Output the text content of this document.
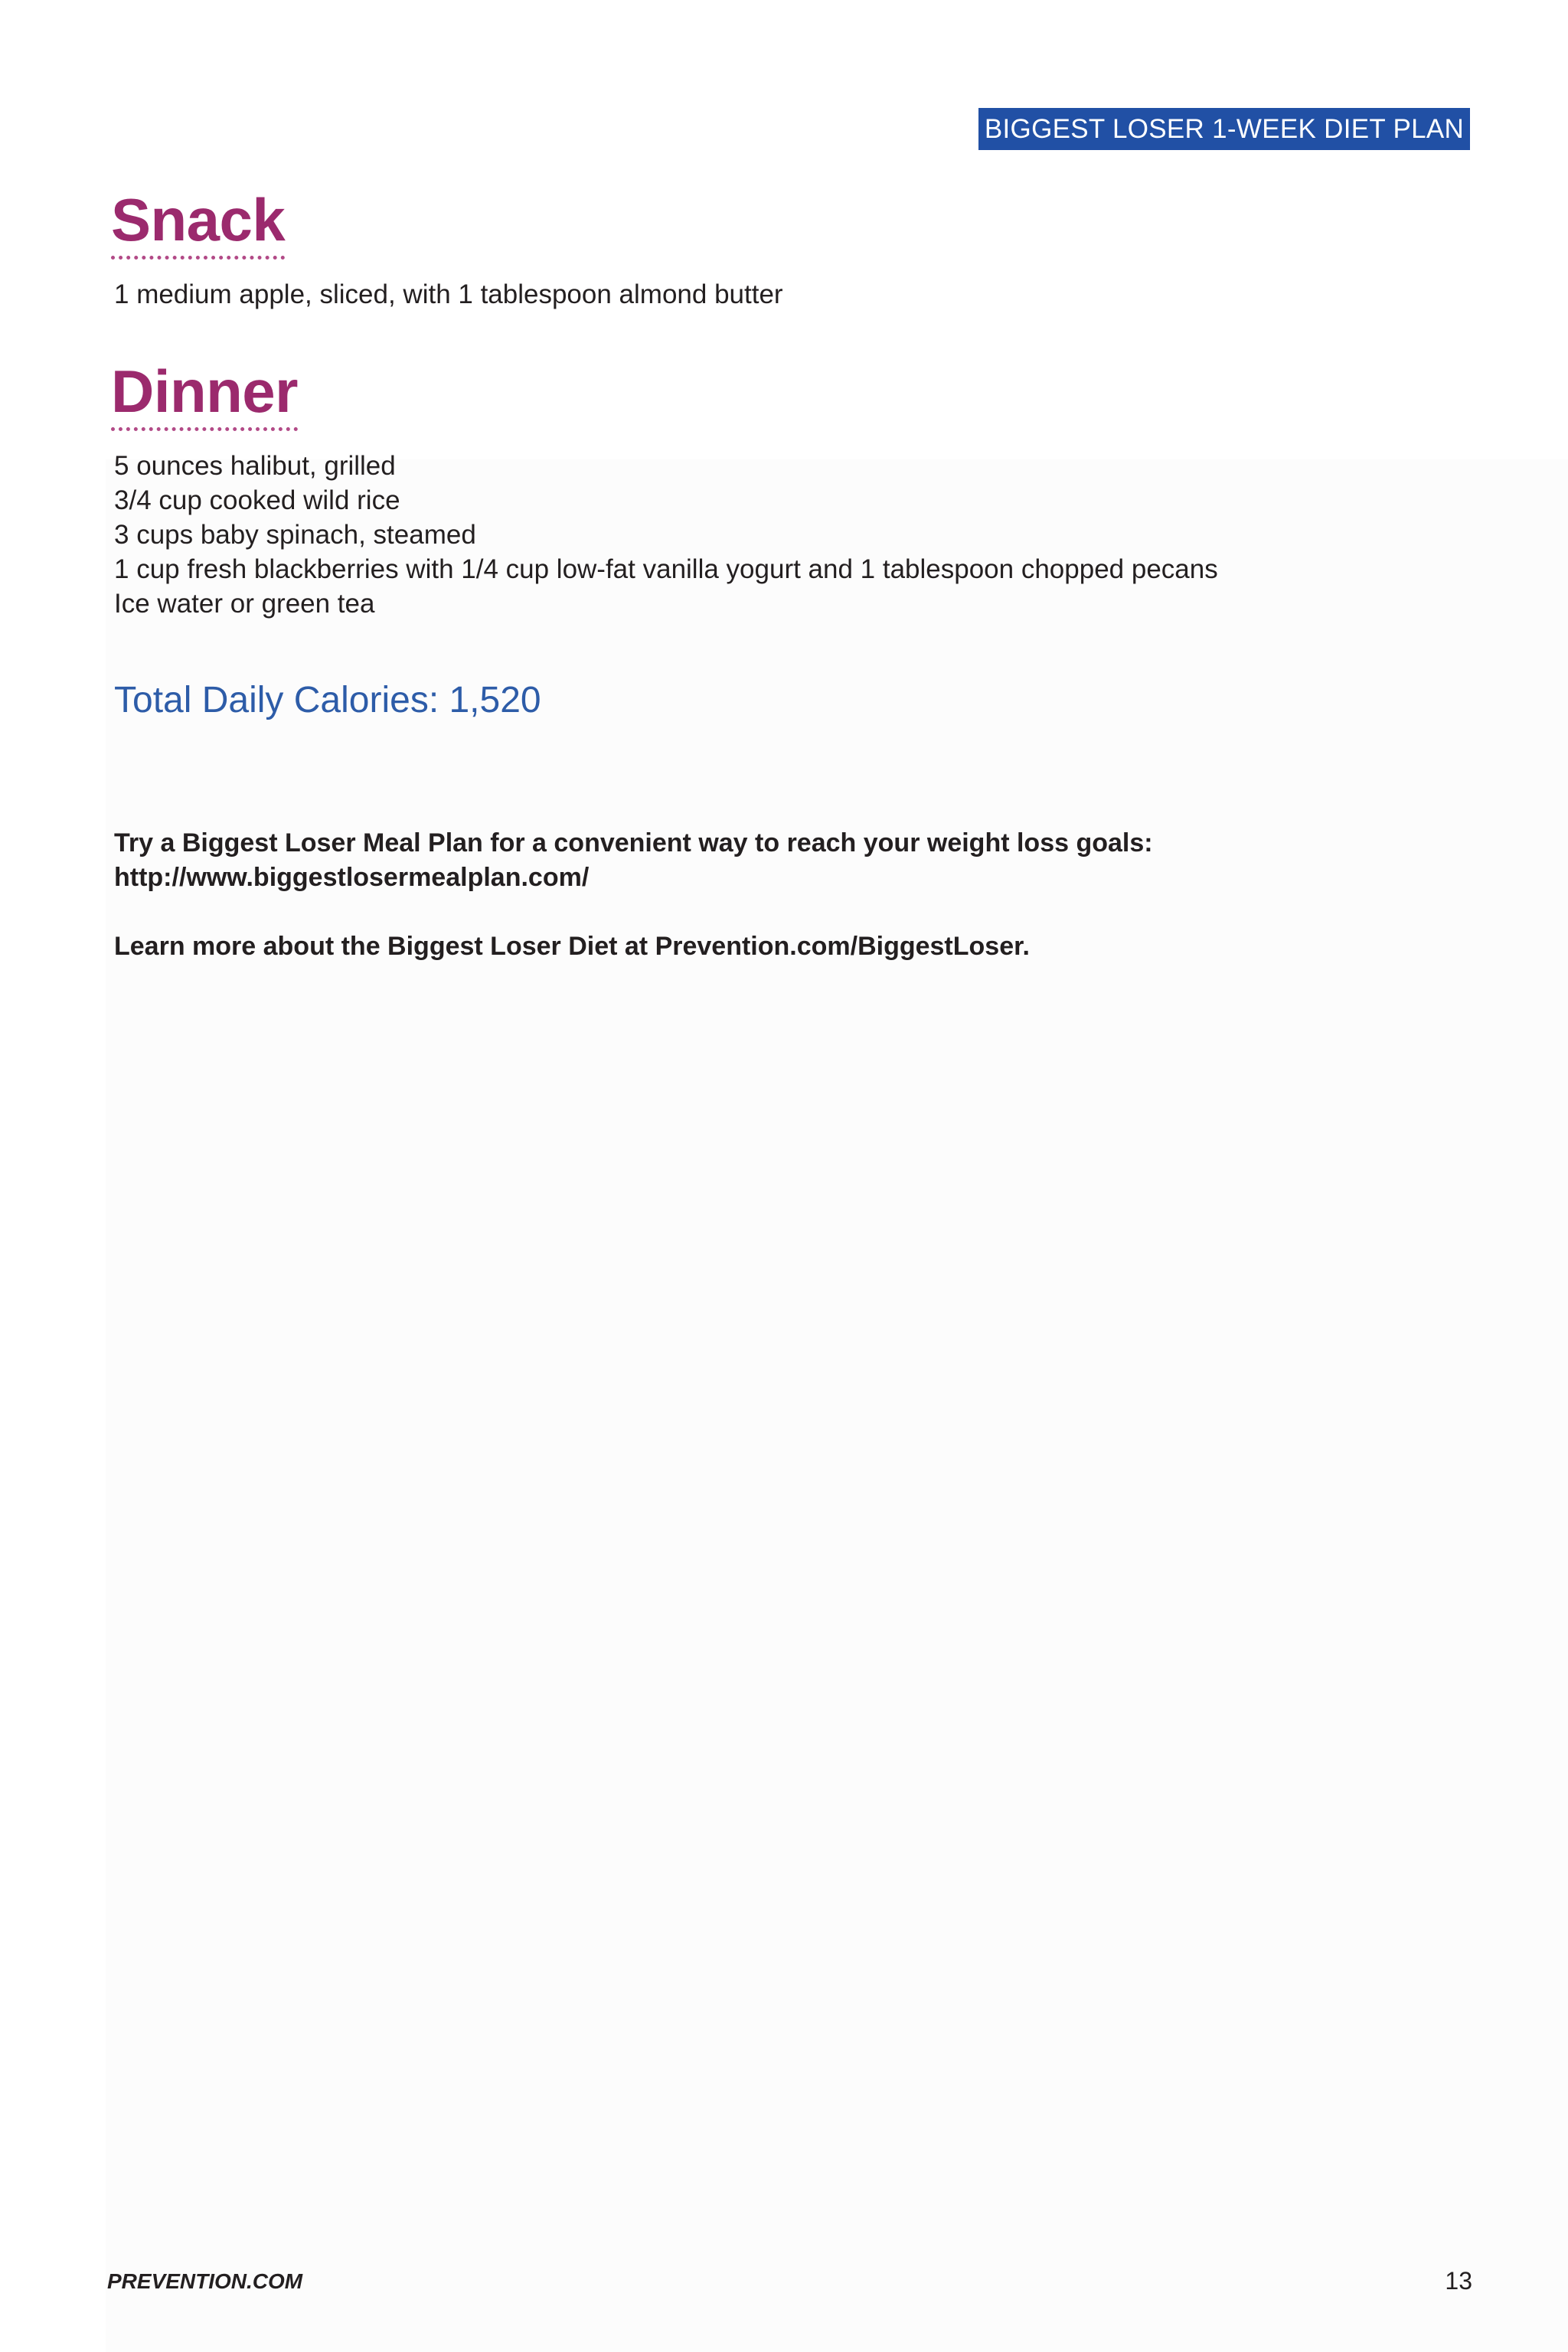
BIGGEST LOSER 1-WEEK DIET PLAN
Snack

1 medium apple, sliced, with 1 tablespoon almond butter

Dinner
5 ounces halibut, grilled
3/4 cup cooked wild rice
3 cups baby spinach, steamed
1 cup fresh blackberries with 1/4 cup low-fat vanilla yogurt and 1 tablespoon chopped pecans
Ice water or green tea

Total Daily Calories: 1,520

Try a Biggest Loser Meal Plan for a convenient way to reach your weight loss goals:

http://www.biggestlosermealplan.com/

Learn more about the Biggest Loser Diet at Prevention.com/BiggestLoser.

PREVENTION.COM	13
